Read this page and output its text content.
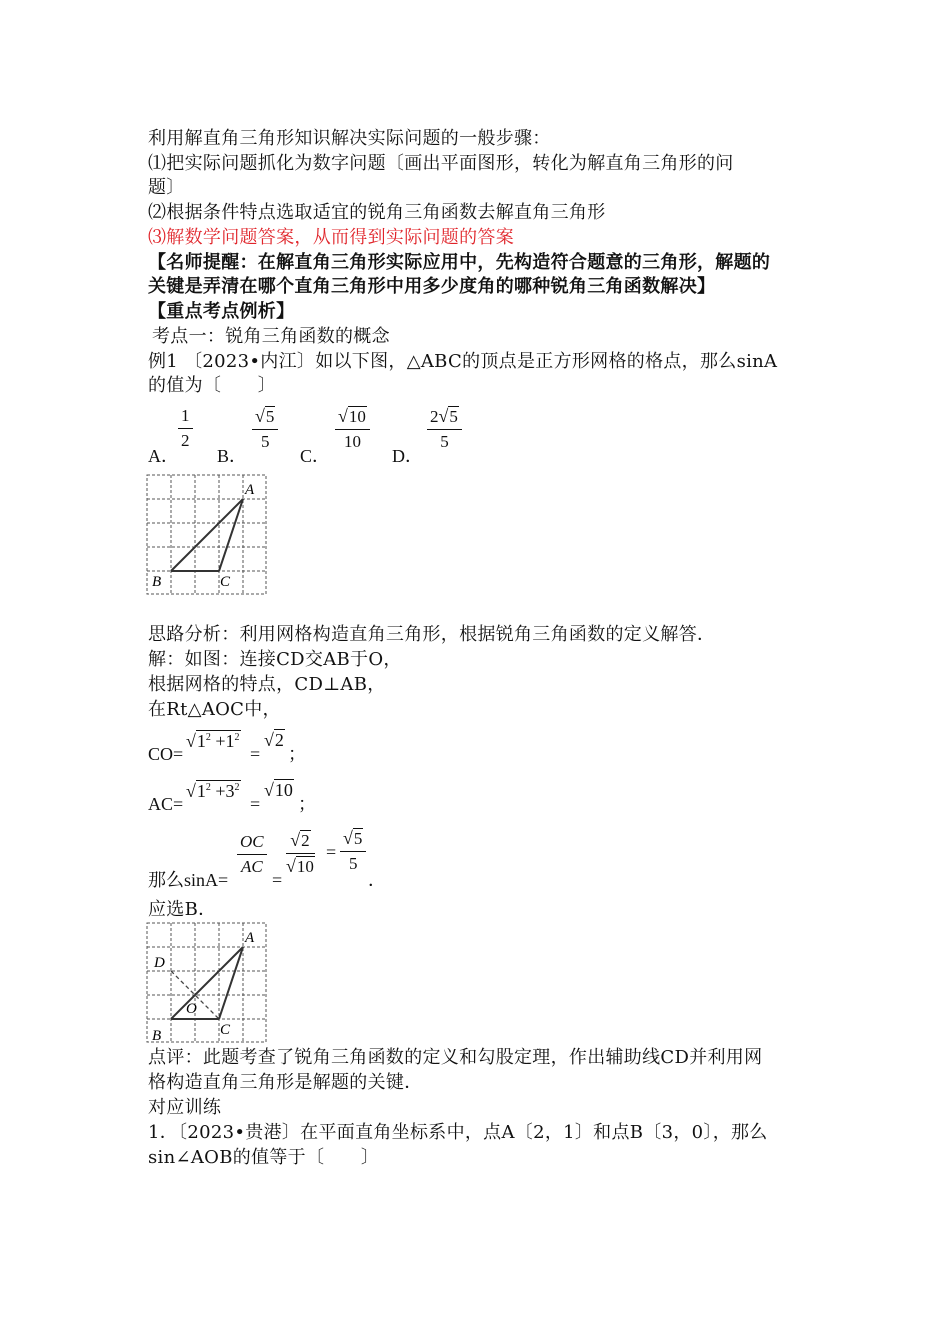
利用解直角三角形知识解决实际问题的一般步骤：
⑴把实际问题抓化为数字问题〔画出平面图形，转化为解直角三角形的问
题〕
⑵根据条件特点选取适宜的锐角三角函数去解直角三角形
⑶解数学问题答案，从而得到实际问题的答案
【名师提醒：在解直角三角形实际应用中，先构造符合题意的三角形，解题的
关键是弄清在哪个直角三角形中用多少度角的哪种锐角三角函数解决】
【重点考点例析】
考点一：锐角三角函数的概念
例1 〔2023•内江〕如以下图，△ABC的顶点是正方形网格的格点，那么sinA
的值为〔　　〕
A．
$\frac{1}{2}$
B．
$\frac{√5}{5}$
C．
$\frac{√10}{10}$
D．
$\frac{2√5}{5}$
A
B	C
思路分析：利用网格构造直角三角形，根据锐角三角函数的定义解答．
解：如图：连接CD交AB于O，
根据网格的特点，CD⊥AB，
在Rt△AOC中，
CO=
$√1^2 +1^2$
=
√2
；
AC=
$√1^2 +3^2$
=
√10
；
那么sinA=
$\frac{OC}{AC}$
=
$\frac{√2}{√10} = \frac{√5}{5}$
．
应选B．
A
B	C
D
O
点评：此题考查了锐角三角函数的定义和勾股定理，作出辅助线CD并利用网
格构造直角三角形是解题的关键．
对应训练
1．〔2023•贵港〕在平面直角坐标系中，点A〔2，1〕和点B〔3，0〕，那么
sin∠AOB的值等于〔　　〕
